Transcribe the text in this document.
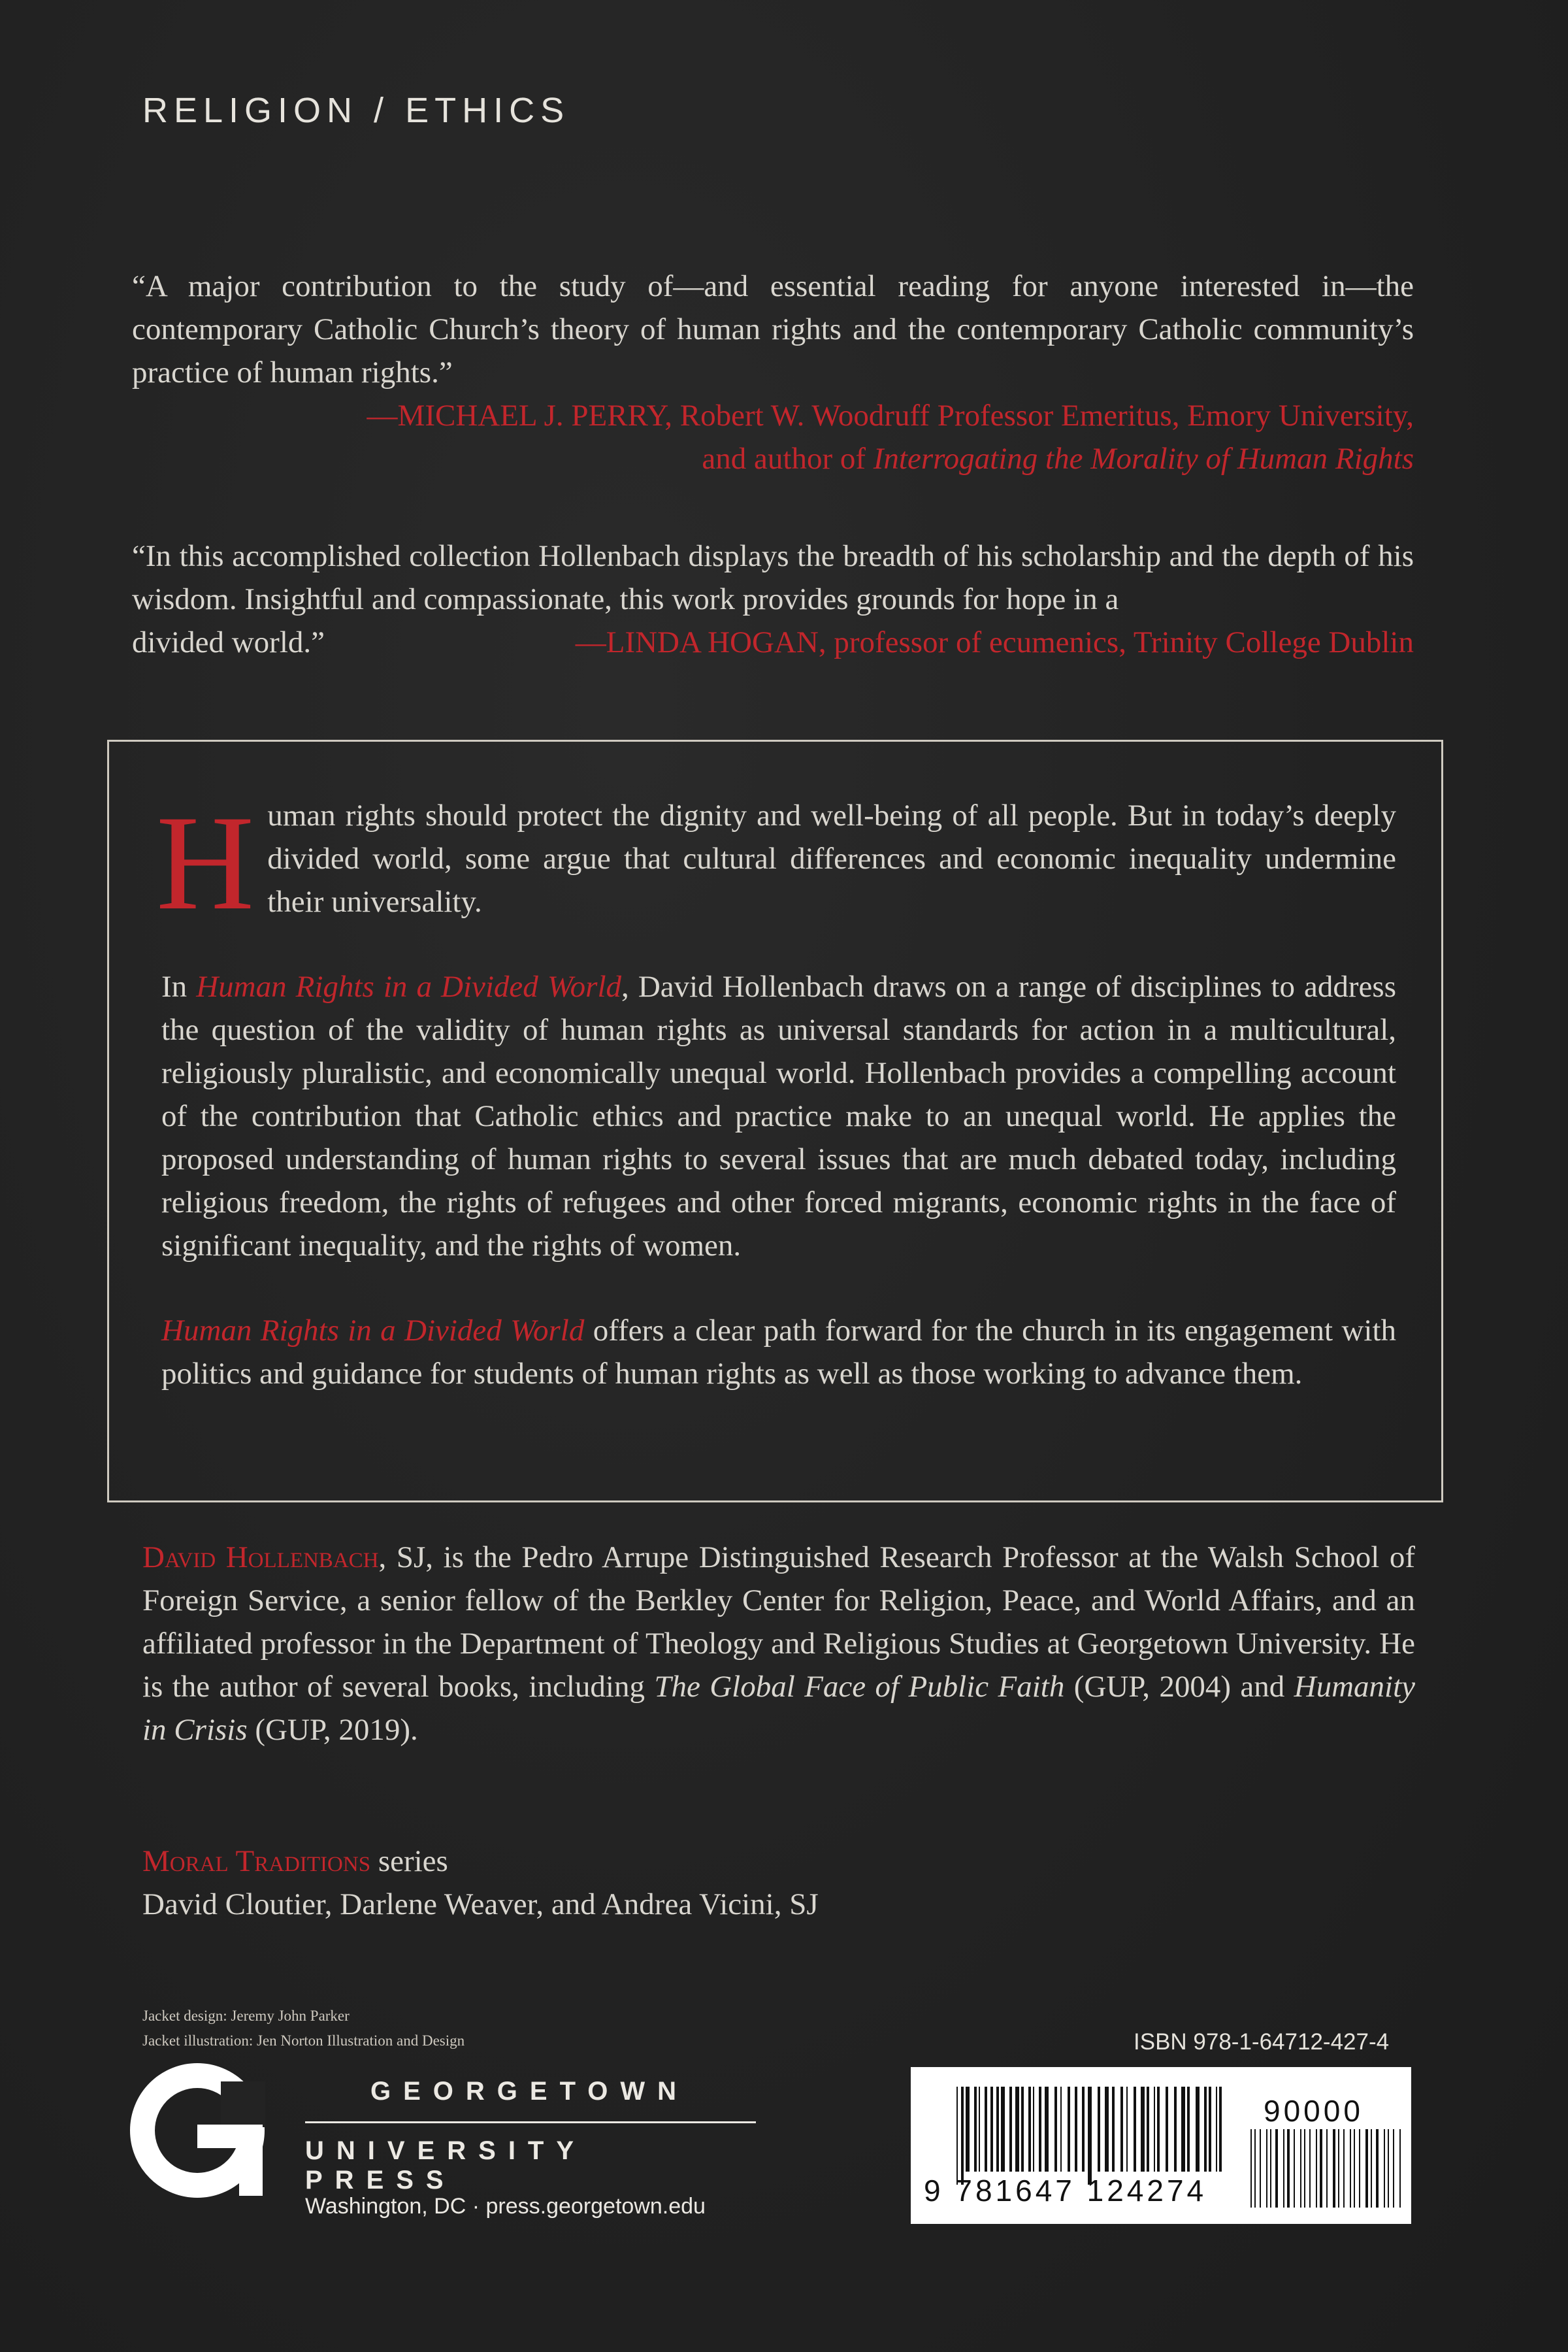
RELIGION / ETHICS
“A major contribution to the study of—and essential reading for anyone interested in—the contemporary Catholic Church’s theory of human rights and the contemporary Catholic community’s practice of human rights.”
—MICHAEL J. PERRY, Robert W. Woodruff Professor Emeritus, Emory University,
and author of Interrogating the Morality of Human Rights
“In this accomplished collection Hollenbach displays the breadth of his scholarship and the depth of his wisdom. Insightful and compassionate, this work provides grounds for hope in a
divided world.”	—LINDA HOGAN, professor of ecumenics, Trinity College Dublin

Human rights should protect the dignity and well-being of all people. But in today’s deeply divided world, some argue that cultural differences and economic inequality undermine their universality.

In Human Rights in a Divided World, David Hollenbach draws on a range of disciplines to address the question of the validity of human rights as universal standards for action in a multicultural, religiously pluralistic, and economically unequal world. Hollenbach provides a compelling account of the contribution that Catholic ethics and practice make to an unequal world. He applies the proposed understanding of human rights to several issues that are much debated today, including religious freedom, the rights of refugees and other forced migrants, economic rights in the face of significant inequality, and the rights of women.

Human Rights in a Divided World offers a clear path forward for the church in its engagement with politics and guidance for students of human rights as well as those working to advance them.

David Hollenbach, SJ, is the Pedro Arrupe Distinguished Research Professor at the Walsh School of Foreign Service, a senior fellow of the Berkley Center for Religion, Peace, and World Affairs, and an affiliated professor in the Department of Theology and Religious Studies at Georgetown University. He is the author of several books, including The Global Face of Public Faith (GUP, 2004) and Humanity in Crisis (GUP, 2019).
Moral Traditions series
David Cloutier, Darlene Weaver, and Andrea Vicini, SJ
Jacket design: Jeremy John Parker
Jacket illustration: Jen Norton Illustration and Design
GEORGETOWN
UNIVERSITY PRESS
Washington, DC · press.georgetown.edu
ISBN 978-1-64712-427-4
9 781647 124274
90000
